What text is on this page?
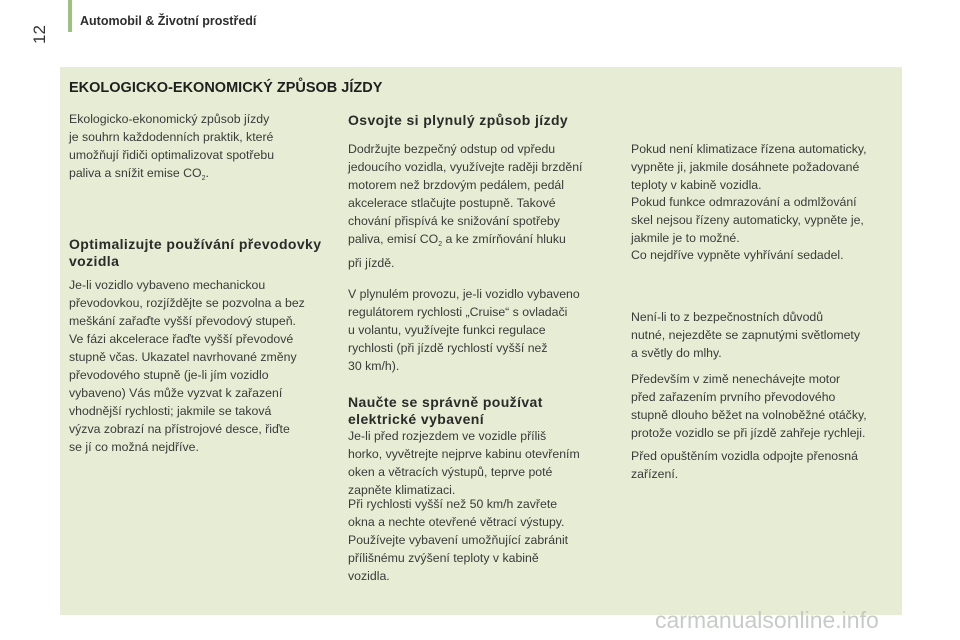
Automobil & Životní prostředí
12
EKOLOGICKO-EKONOMICKÝ ZPŮSOB JÍZDY
Ekologicko-ekonomický způsob jízdy
je souhrn každodenních praktik, které
umožňují řidiči optimalizovat spotřebu
paliva a snížit emise $CO_2$.
Optimalizujte používání převodovky
vozidla
Je-li vozidlo vybaveno mechanickou
převodovkou, rozjíždějte se pozvolna a bez
meškání zařaďte vyšší převodový stupeň.
Ve fázi akcelerace řaďte vyšší převodové
stupně včas. Ukazatel navrhované změny
převodového stupně (je-li jím vozidlo
vybaveno) Vás může vyzvat k zařazení
vhodnější rychlosti; jakmile se taková
výzva zobrazí na přístrojové desce, řiďte
se jí co možná nejdříve.
Osvojte si plynulý způsob jízdy
Dodržujte bezpečný odstup od vpředu
jedoucího vozidla, využívejte raději brzdění
motorem než brzdovým pedálem, pedál
akcelerace stlačujte postupně. Takové
chování přispívá ke snižování spotřeby
paliva, emisí $CO_2$ a ke zmírňování hluku
při jízdě.
V plynulém provozu, je-li vozidlo vybaveno
regulátorem rychlosti „Cruise“ s ovladači
u volantu, využívejte funkci regulace
rychlosti (při jízdě rychlostí vyšší než
30 km/h).
Naučte se správně používat
elektrické vybavení
Je-li před rozjezdem ve vozidle příliš
horko, vyvětrejte nejprve kabinu otevřením
oken a větracích výstupů, teprve poté
zapněte klimatizaci.
Při rychlosti vyšší než 50 km/h zavřete
okna a nechte otevřené větrací výstupy.
Používejte vybavení umožňující zabránit
přílišnému zvýšení teploty v kabině
vozidla.
Pokud není klimatizace řízena automaticky,
vypněte ji, jakmile dosáhnete požadované
teploty v kabině vozidla.
Pokud funkce odmrazování a odmlžování
skel nejsou řízeny automaticky, vypněte je,
jakmile je to možné.
Co nejdříve vypněte vyhřívání sedadel.
Není-li to z bezpečnostních důvodů
nutné, nejezděte se zapnutými světlomety
a světly do mlhy.
Především v zimě nenechávejte motor
před zařazením prvního převodového
stupně dlouho běžet na volnoběžné otáčky,
protože vozidlo se při jízdě zahřeje rychleji.
Před opuštěním vozidla odpojte přenosná
zařízení.
carmanualsonline.info
